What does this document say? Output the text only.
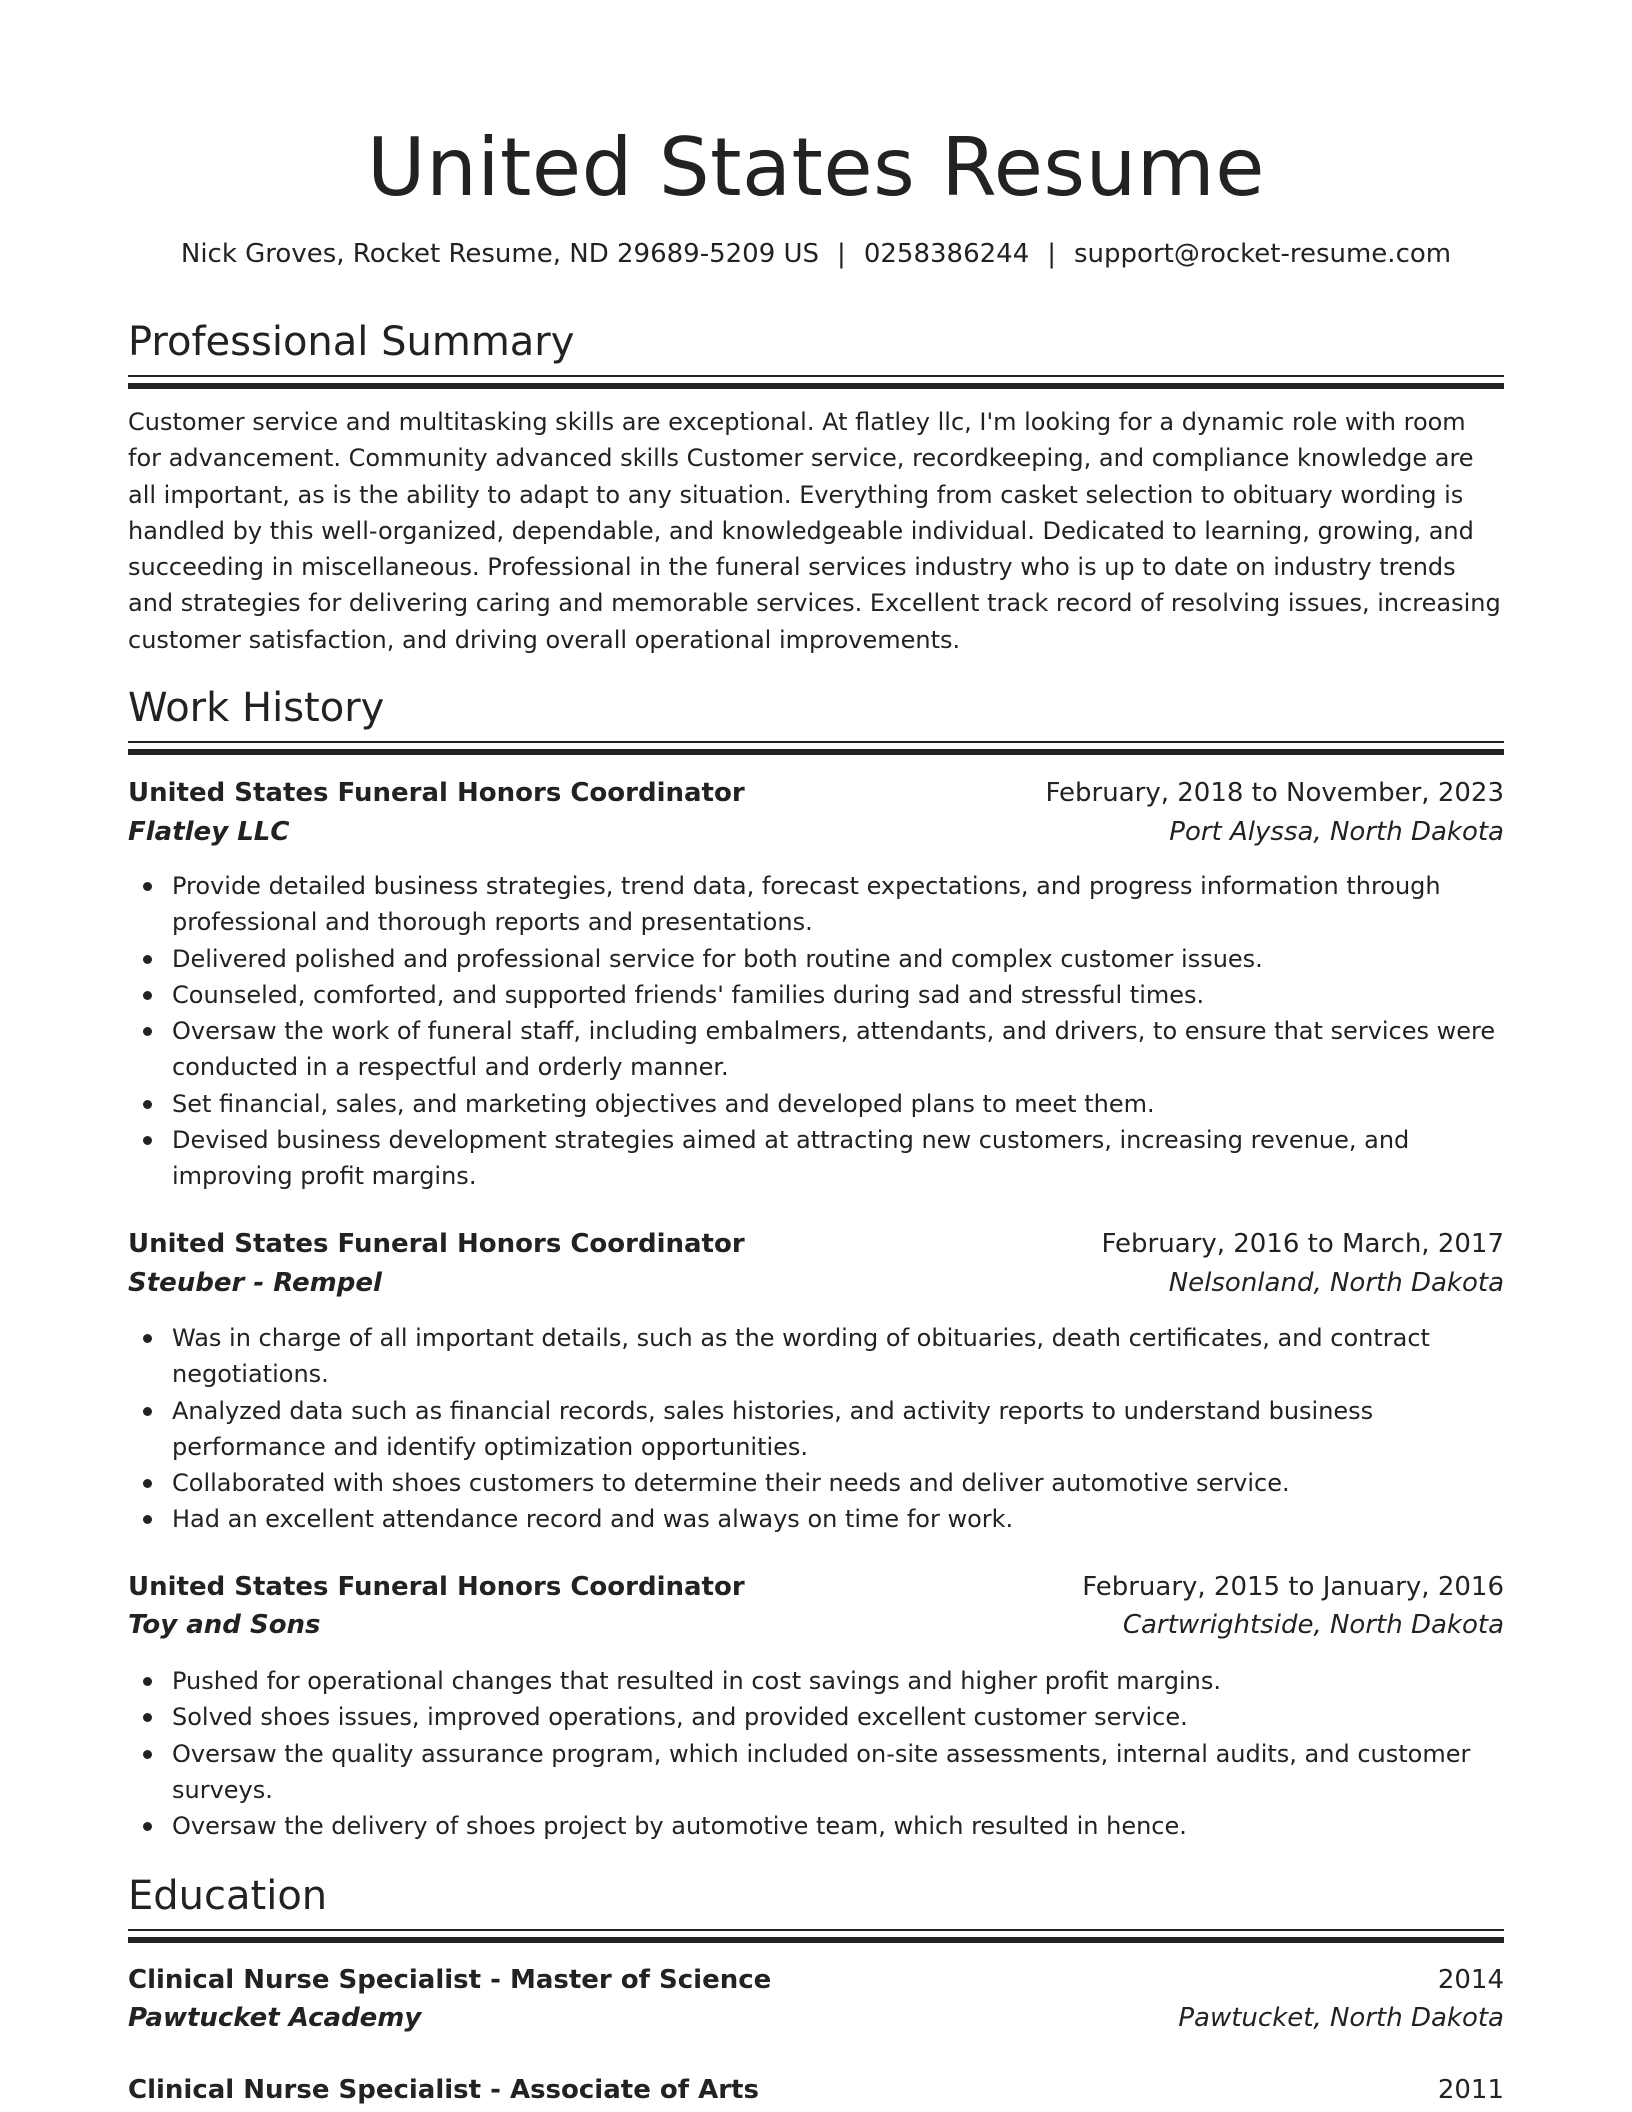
United States Resume
Nick Groves, Rocket Resume, ND 29689-5209 US | 0258386244 | support@rocket-resume.com
Professional Summary
Customer service and multitasking skills are exceptional. At flatley llc, I'm looking for a dynamic role with room for advancement. Community advanced skills Customer service, recordkeeping, and compliance knowledge are all important, as is the ability to adapt to any situation. Everything from casket selection to obituary wording is handled by this well-organized, dependable, and knowledgeable individual. Dedicated to learning, growing, and succeeding in miscellaneous. Professional in the funeral services industry who is up to date on industry trends and strategies for delivering caring and memorable services. Excellent track record of resolving issues, increasing customer satisfaction, and driving overall operational improvements.
Work History
United States Funeral Honors Coordinator	February, 2018 to November, 2023
Flatley LLC	Port Alyssa, North Dakota
Provide detailed business strategies, trend data, forecast expectations, and progress information through professional and thorough reports and presentations.
Delivered polished and professional service for both routine and complex customer issues.
Counseled, comforted, and supported friends' families during sad and stressful times.
Oversaw the work of funeral staff, including embalmers, attendants, and drivers, to ensure that services were conducted in a respectful and orderly manner.
Set financial, sales, and marketing objectives and developed plans to meet them.
Devised business development strategies aimed at attracting new customers, increasing revenue, and improving profit margins.
United States Funeral Honors Coordinator	February, 2016 to March, 2017
Steuber - Rempel	Nelsonland, North Dakota
Was in charge of all important details, such as the wording of obituaries, death certificates, and contract negotiations.
Analyzed data such as financial records, sales histories, and activity reports to understand business performance and identify optimization opportunities.
Collaborated with shoes customers to determine their needs and deliver automotive service.
Had an excellent attendance record and was always on time for work.
United States Funeral Honors Coordinator	February, 2015 to January, 2016
Toy and Sons	Cartwrightside, North Dakota
Pushed for operational changes that resulted in cost savings and higher profit margins.
Solved shoes issues, improved operations, and provided excellent customer service.
Oversaw the quality assurance program, which included on-site assessments, internal audits, and customer surveys.
Oversaw the delivery of shoes project by automotive team, which resulted in hence.
Education
Clinical Nurse Specialist - Master of Science	2014
Pawtucket Academy	Pawtucket, North Dakota
Clinical Nurse Specialist - Associate of Arts	2011
